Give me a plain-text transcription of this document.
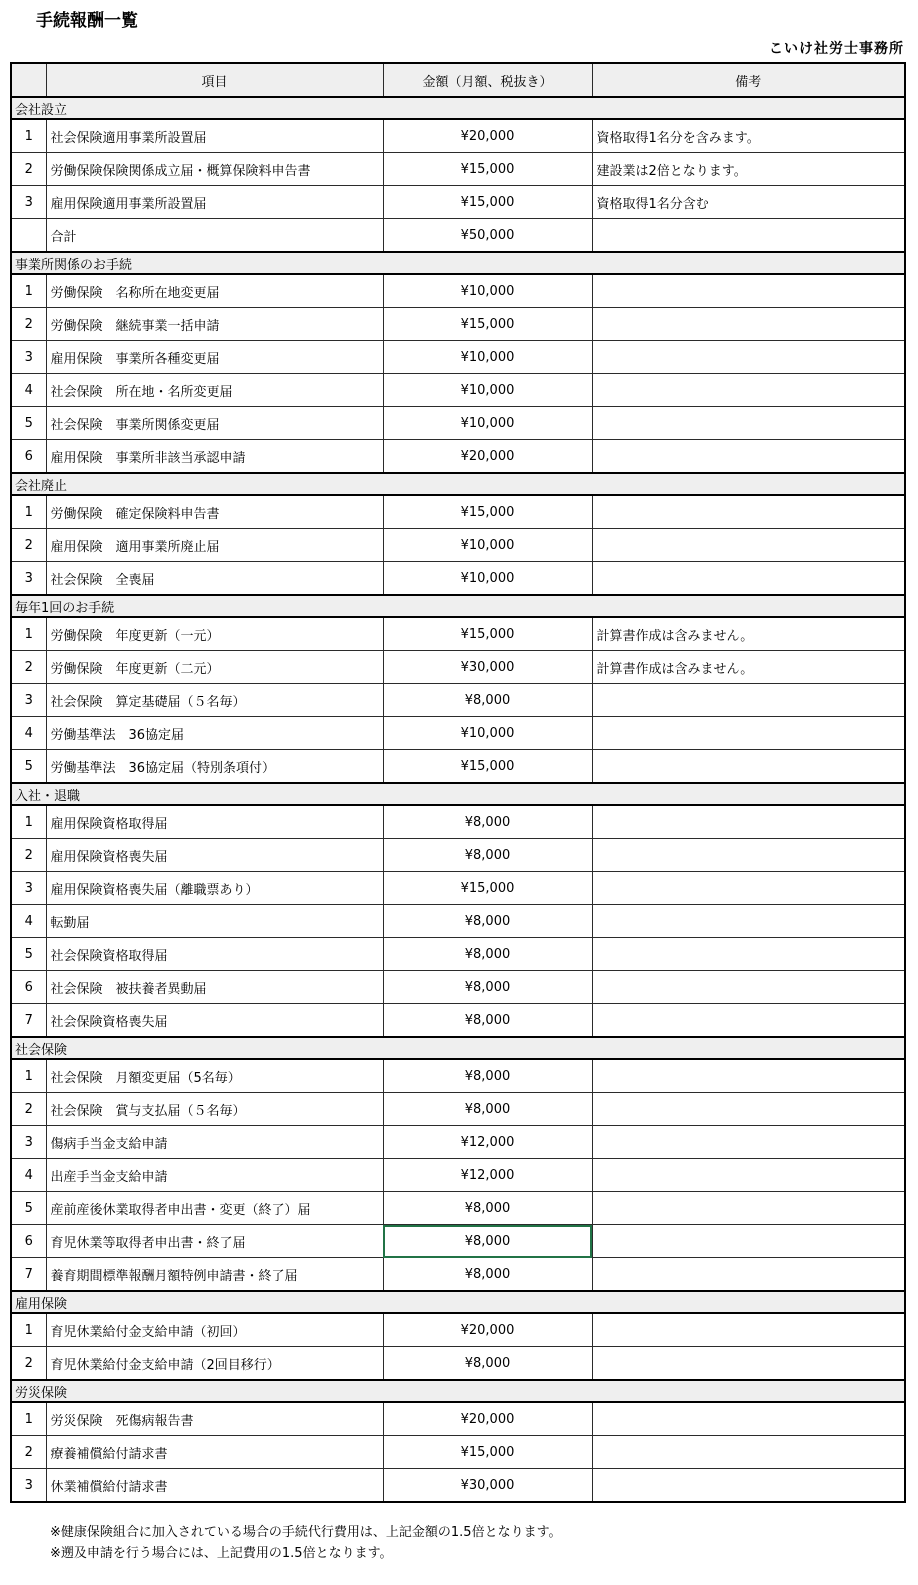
手続報酬一覧
こいけ社労士事務所
	項目	金額（月額、税抜き）	備考
会社設立			
1	社会保険適用事業所設置届	¥20,000	資格取得1名分を含みます。
2	労働保険保険関係成立届・概算保険料申告書	¥15,000	建設業は2倍となります。
3	雇用保険適用事業所設置届	¥15,000	資格取得1名分含む
	合計	¥50,000	
事業所関係のお手続			
1	労働保険　名称所在地変更届	¥10,000	
2	労働保険　継続事業一括申請	¥15,000	
3	雇用保険　事業所各種変更届	¥10,000	
4	社会保険　所在地・名所変更届	¥10,000	
5	社会保険　事業所関係変更届	¥10,000	
6	雇用保険　事業所非該当承認申請	¥20,000	
会社廃止			
1	労働保険　確定保険料申告書	¥15,000	
2	雇用保険　適用事業所廃止届	¥10,000	
3	社会保険　全喪届	¥10,000	
毎年1回のお手続			
1	労働保険　年度更新（一元）	¥15,000	計算書作成は含みません。
2	労働保険　年度更新（二元）	¥30,000	計算書作成は含みません。
3	社会保険　算定基礎届（５名毎）	¥8,000	
4	労働基準法　36協定届	¥10,000	
5	労働基準法　36協定届（特別条項付）	¥15,000	
入社・退職			
1	雇用保険資格取得届	¥8,000	
2	雇用保険資格喪失届	¥8,000	
3	雇用保険資格喪失届（離職票あり）	¥15,000	
4	転勤届	¥8,000	
5	社会保険資格取得届	¥8,000	
6	社会保険　被扶養者異動届	¥8,000	
7	社会保険資格喪失届	¥8,000	
社会保険			
1	社会保険　月額変更届（5名毎）	¥8,000	
2	社会保険　賞与支払届（５名毎）	¥8,000	
3	傷病手当金支給申請	¥12,000	
4	出産手当金支給申請	¥12,000	
5	産前産後休業取得者申出書・変更（終了）届	¥8,000	
6	育児休業等取得者申出書・終了届	¥8,000	
7	養育期間標準報酬月額特例申請書・終了届	¥8,000	
雇用保険			
1	育児休業給付金支給申請（初回）	¥20,000	
2	育児休業給付金支給申請（2回目移行）	¥8,000	
労災保険			
1	労災保険　死傷病報告書	¥20,000	
2	療養補償給付請求書	¥15,000	
3	休業補償給付請求書	¥30,000	
※健康保険組合に加入されている場合の手続代行費用は、上記金額の1.5倍となります。
※遡及申請を行う場合には、上記費用の1.5倍となります。
